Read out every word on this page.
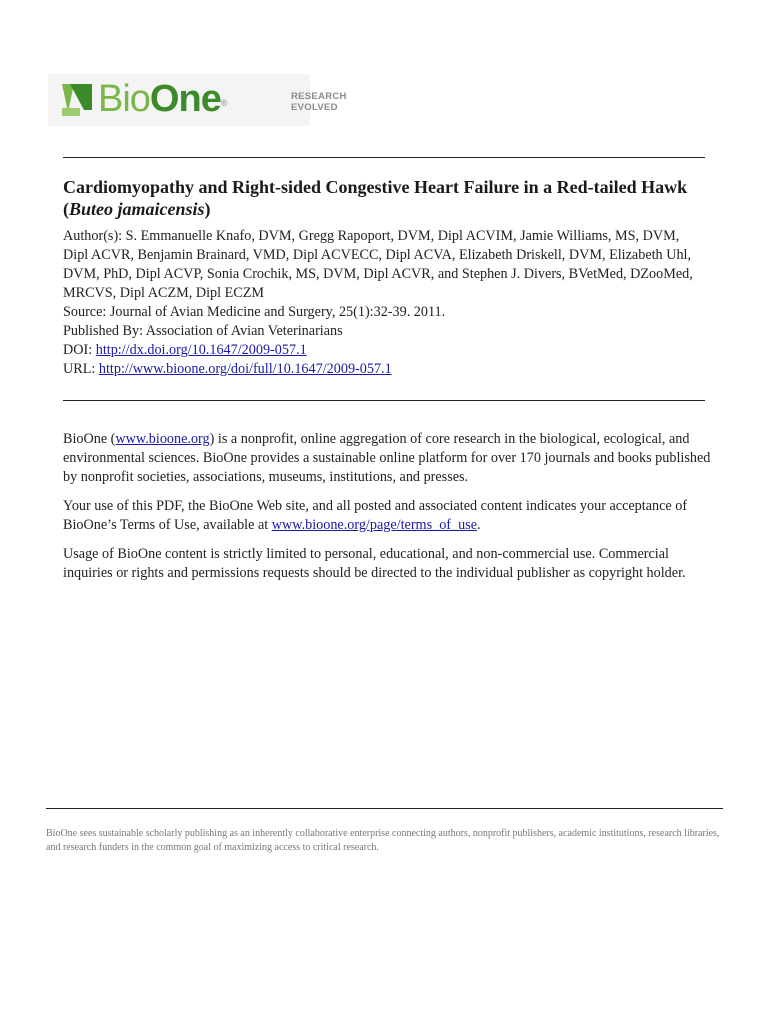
BioOne®
RESEARCH
EVOLVED
Cardiomyopathy and Right-sided Congestive Heart Failure in a Red-tailed Hawk
(Buteo jamaicensis)

Author(s): S. Emmanuelle Knafo, DVM, Gregg Rapoport, DVM, Dipl ACVIM, Jamie Williams, MS, DVM, Dipl ACVR, Benjamin Brainard, VMD, Dipl ACVECC, Dipl ACVA, Elizabeth Driskell, DVM, Elizabeth Uhl, DVM, PhD, Dipl ACVP, Sonia Crochik, MS, DVM, Dipl ACVR, and Stephen J. Divers, BVetMed, DZooMed, MRCVS, Dipl ACZM, Dipl ECZM

Source: Journal of Avian Medicine and Surgery, 25(1):32-39. 2011.

Published By: Association of Avian Veterinarians

DOI: http://dx.doi.org/10.1647/2009-057.1

URL: http://www.bioone.org/doi/full/10.1647/2009-057.1

BioOne (www.bioone.org) is a nonprofit, online aggregation of core research in the biological, ecological, and environmental sciences. BioOne provides a sustainable online platform for over 170 journals and books published by nonprofit societies, associations, museums, institutions, and presses.

Your use of this PDF, the BioOne Web site, and all posted and associated content indicates your acceptance of BioOne’s Terms of Use, available at www.bioone.org/page/terms_of_use.

Usage of BioOne content is strictly limited to personal, educational, and non-commercial use. Commercial inquiries or rights and permissions requests should be directed to the individual publisher as copyright holder.

BioOne sees sustainable scholarly publishing as an inherently collaborative enterprise connecting authors, nonprofit publishers, academic institutions, research libraries, and research funders in the common goal of maximizing access to critical research.
